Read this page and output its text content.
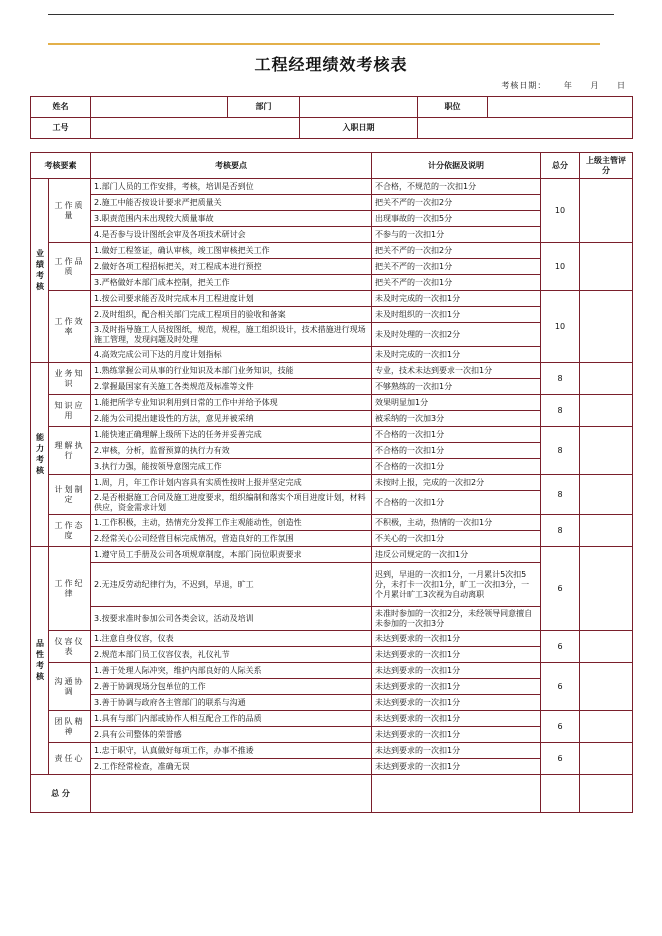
工程经理绩效考核表
考核日期： 年 月 日
姓名		部门		职位	
工号			入职日期		
考核要素		考核要点	计分依据及说明	总分	上级主管评分
业绩考核	工作质量	1.部门人员的工作安排，考核，培训是否到位	不合格，不规范的一次扣1分	10	
		2.施工中能否按设计要求严把质量关	把关不严的一次扣2分		
		3.职责范围内未出现较大质量事故	出现事故的一次扣5分		
		4.是否参与设计图纸会审及各项技术研讨会	不参与的一次扣1分		
	工作品质	1.做好工程签证，确认审核，竣工图审核把关工作	把关不严的一次扣2分	10	
		2.做好各项工程招标把关，对工程成本进行预控	把关不严的一次扣1分		
		3.严格做好本部门成本控制，把关工作	把关不严的一次扣1分		
	工作效率	1.按公司要求能否及时完成本月工程进度计划	未及时完成的一次扣1分	10	
		2.及时组织，配合相关部门完成工程项目的验收和备案	未及时组织的一次扣1分		
		3.及时指导施工人员按图纸，规范，规程，施工组织设计，技术措施进行现场施工管理，发现问题及时处理	未及时处理的一次扣2分		
		4.高效完成公司下达的月度计划指标	未及时完成的一次扣1分		
能力考核	业务知识	1.熟练掌握公司从事的行业知识及本部门业务知识，技能	专业，技术未达到要求一次扣1分	8	
		2.掌握最国家有关施工各类规范及标准等文件	不够熟练的一次扣1分		
	知识应用	1.能把所学专业知识利用到日常的工作中并给予体现	效果明显加1分	8	
		2.能为公司提出建设性的方法，意见并被采纳	被采纳的一次加3分		
	理解执行	1.能快速正确理解上级所下达的任务并妥善完成	不合格的一次扣1分	8	
		2.审核，分析，监督预算的执行力有效	不合格的一次扣1分		
		3.执行力强，能按领导意图完成工作	不合格的一次扣1分		
	计划制定	1.周，月，年工作计划内容具有实质性按时上报并坚定完成	未按时上报，完成的一次扣2分	8	
		2.是否根据施工合同及施工进度要求，组织编制和落实个项目进度计划，材料供应，资金需求计划	不合格的一次扣1分		
	工作态度	1.工作积极，主动，热情充分发挥工作主观能动性，创造性	不积极，主动，热情的一次扣1分	8	
		2.经常关心公司经营目标完成情况，营造良好的工作氛围	不关心的一次扣1分		
品性考核	工作纪律	1.遵守员工手册及公司各项规章制度，本部门岗位职责要求	违反公司规定的一次扣1分	6	
		2.无违反劳动纪律行为，不迟到，早退，旷工	迟到，早退的一次扣1分，一月累计5次扣5分，未打卡一次扣1分，旷工一次扣3分，一个月累计旷工3次视为自动离职		
		3.按要求准时参加公司各类会议，活动及培训	未准时参加的一次扣2分，未经领导同意擅自未参加的一次扣3分		
	仪容仪表	1.注意自身仪容，仪表	未达到要求的一次扣1分	6	
		2.规范本部门员工仪容仪表，礼仪礼节	未达到要求的一次扣1分		
	沟通协调	1.善于处理人际冲突，维护内部良好的人际关系	未达到要求的一次扣1分	6	
		2.善于协调现场分包单位的工作	未达到要求的一次扣1分		
		3.善于协调与政府各主管部门的联系与沟通	未达到要求的一次扣1分		
	团队精神	1.具有与部门内部或协作人相互配合工作的品质	未达到要求的一次扣1分	6	
		2.具有公司整体的荣誉感	未达到要求的一次扣1分		
	责任心	1.忠于职守，认真做好每项工作，办事不推诿	未达到要求的一次扣1分	6	
		2.工作经常检查，准确无误	未达到要求的一次扣1分		
总 分					
